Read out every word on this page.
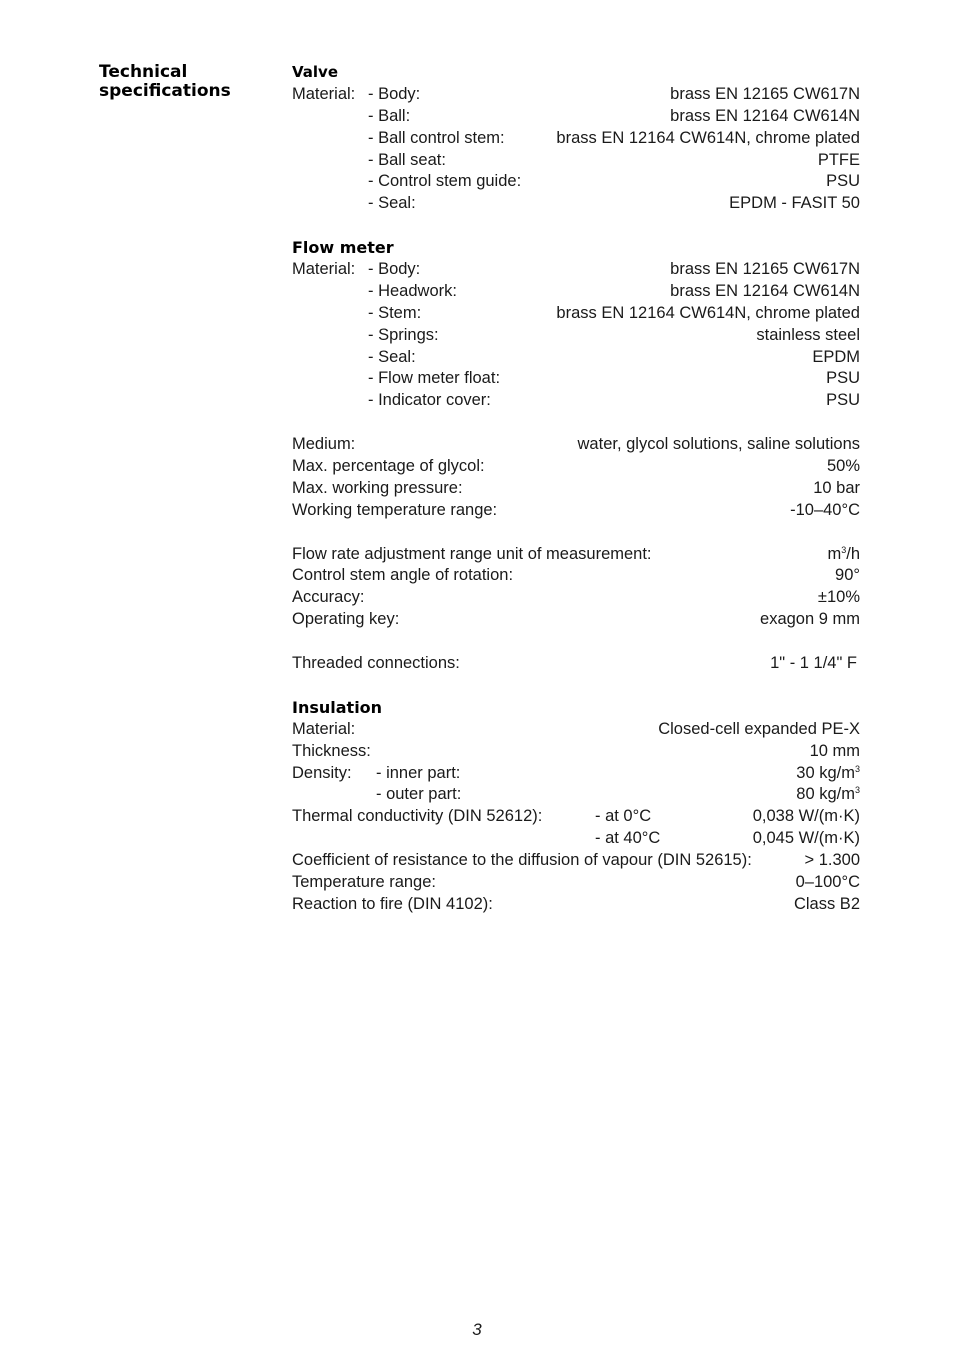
Technical specifications
Valve
Material: - Body:	brass EN 12165 CW617N
- Ball:	brass EN 12164 CW614N
- Ball control stem:	brass EN 12164 CW614N, chrome plated
- Ball seat:	PTFE
- Control stem guide:	PSU
- Seal:	EPDM - FASIT 50
Flow meter
Material: - Body:	brass EN 12165 CW617N
- Headwork:	brass EN 12164 CW614N
- Stem:	brass EN 12164 CW614N, chrome plated
- Springs:	stainless steel
- Seal:	EPDM
- Flow meter float:	PSU
- Indicator cover:	PSU
Medium:	water, glycol solutions, saline solutions
Max. percentage of glycol:	50%
Max. working pressure:	10 bar
Working temperature range:	-10–40°C
Flow rate adjustment range unit of measurement:	$m^3/h$
Control stem angle of rotation:	90°
Accuracy:	±10%
Operating key:	exagon 9 mm
Threaded connections:	1" - 1 1/4" F
Insulation
Material:	Closed-cell expanded PE-X
Thickness:	10 mm
Density: - inner part:	30 $kg/m^3$
- outer part:	80 $kg/m^3$
Thermal conductivity (DIN 52612):	- at 0°C	0,038 W/(m·K)
- at 40°C	0,045 W/(m·K)
Coefficient of resistance to the diffusion of vapour (DIN 52615):	> 1.300
Temperature range:	0–100°C
Reaction to fire (DIN 4102):	Class B2
3
